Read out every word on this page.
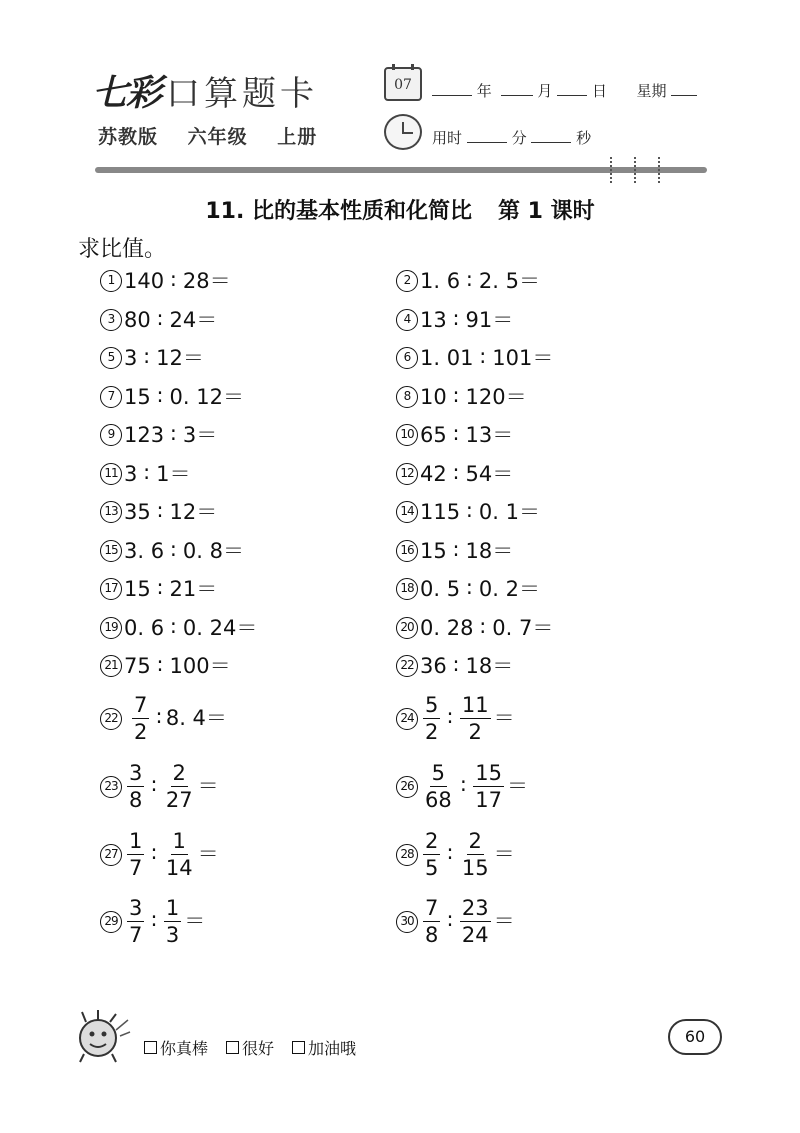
七彩 口算题卡
苏教版 六年级 上册
07	年	月	日 星期
用时	分	秒
11. 比的基本性质和化简比 第 1 课时
求比值。
1 140 ∶ 28＝	2 1. 6 ∶ 2. 5＝
3 80 ∶ 24＝	4 13 ∶ 91＝
5 3 ∶ 12＝	6 1. 01 ∶ 101＝
7 15 ∶ 0. 12＝	8 10 ∶ 120＝
9 123 ∶ 3＝	10 65 ∶ 13＝
11 3 ∶ 1＝	12 42 ∶ 54＝
13 35 ∶ 12＝	14 115 ∶ 0. 1＝
15 3. 6 ∶ 0. 8＝	16 15 ∶ 18＝
17 15 ∶ 21＝	18 0. 5 ∶ 0. 2＝
19 0. 6 ∶ 0. 24＝	20 0. 28 ∶ 0. 7＝
21 75 ∶ 100＝	22 36 ∶ 18＝
$22 \frac{7}{2}$ ∶ 8. 4 ＝	$24 \frac{5}{2}$ ∶ $\frac{11}{2}$ ＝
$23 \frac{3}{8}$ ∶ $\frac{2}{27}$ ＝	$26 \frac{5}{68}$ ∶ $\frac{15}{17}$ ＝
$27 \frac{1}{7}$ ∶ $\frac{1}{14}$ ＝	$28 \frac{2}{5}$ ∶ $\frac{2}{15}$ ＝
$29 \frac{3}{7}$ ∶ $\frac{1}{3}$ ＝	$30 \frac{7}{8}$ ∶ $\frac{23}{24}$ ＝
你真棒 很好 加油哦
60
